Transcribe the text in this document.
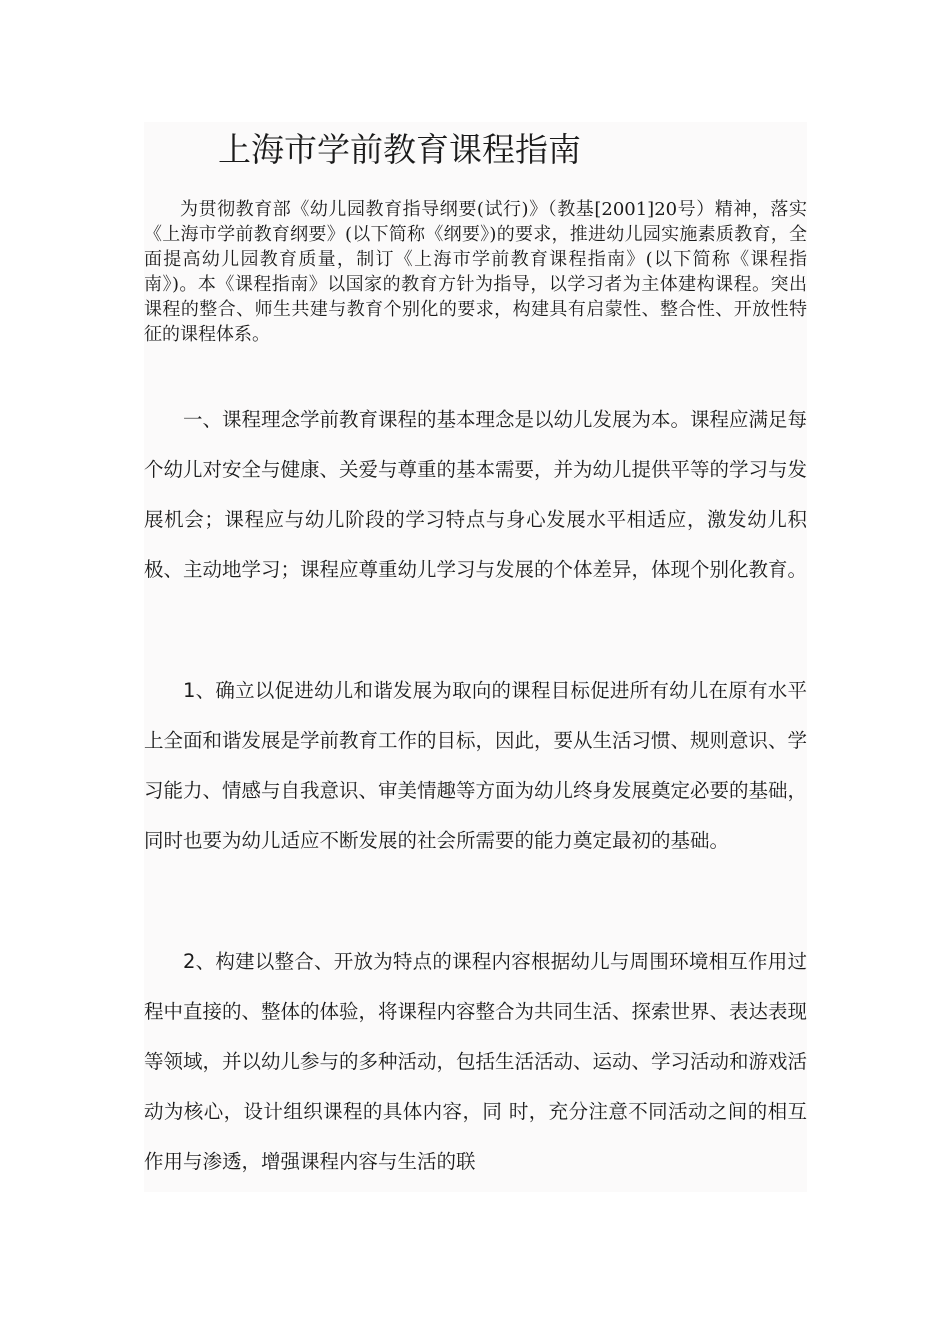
上海市学前教育课程指南

为贯彻教育部《幼儿园教育指导纲要(试行)》（教基[2001]20号）精神，落实《上海市学前教育纲要》(以下简称《纲要》)的要求，推进幼儿园实施素质教育，全面提高幼儿园教育质量，制订《上海市学前教育课程指南》(以下简称《课程指南》)。本《课程指南》以国家的教育方针为指导，以学习者为主体建构课程。突出课程的整合、师生共建与教育个别化的要求，构建具有启蒙性、整合性、开放性特征的课程体系。

一、课程理念学前教育课程的基本理念是以幼儿发展为本。课程应满足每个幼儿对安全与健康、关爱与尊重的基本需要，并为幼儿提供平等的学习与发展机会；课程应与幼儿阶段的学习特点与身心发展水平相适应，激发幼儿积极、主动地学习；课程应尊重幼儿学习与发展的个体差异，体现个别化教育。

1、确立以促进幼儿和谐发展为取向的课程目标促进所有幼儿在原有水平上全面和谐发展是学前教育工作的目标，因此，要从生活习惯、规则意识、学习能力、情感与自我意识、审美情趣等方面为幼儿终身发展奠定必要的基础，同时也要为幼儿适应不断发展的社会所需要的能力奠定最初的基础。

2、构建以整合、开放为特点的课程内容根据幼儿与周围环境相互作用过程中直接的、整体的体验，将课程内容整合为共同生活、探索世界、表达表现等领域，并以幼儿参与的多种活动，包括生活活动、运动、学习活动和游戏活动为核心，设计组织课程的具体内容，同 时，充分注意不同活动之间的相互作用与渗透，增强课程内容与生活的联
